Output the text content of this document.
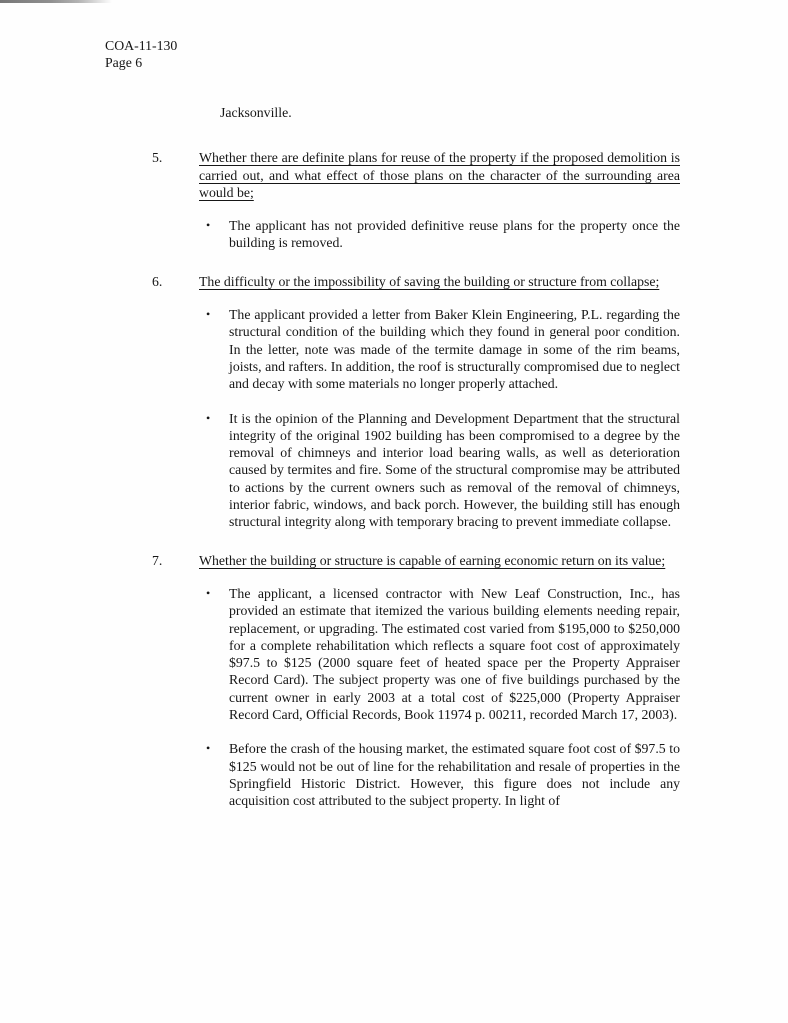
COA-11-130
Page 6

Jacksonville.

5.	Whether there are definite plans for reuse of the property if the proposed demolition is carried out, and what effect of those plans on the character of the surrounding area would be;

•	The applicant has not provided definitive reuse plans for the property once the building is removed.

6.	The difficulty or the impossibility of saving the building or structure from collapse;

•	The applicant provided a letter from Baker Klein Engineering, P.L. regarding the structural condition of the building which they found in general poor condition. In the letter, note was made of the termite damage in some of the rim beams, joists, and rafters. In addition, the roof is structurally compromised due to neglect and decay with some materials no longer properly attached.

•	It is the opinion of the Planning and Development Department that the structural integrity of the original 1902 building has been compromised to a degree by the removal of chimneys and interior load bearing walls, as well as deterioration caused by termites and fire. Some of the structural compromise may be attributed to actions by the current owners such as removal of the removal of chimneys, interior fabric, windows, and back porch. However, the building still has enough structural integrity along with temporary bracing to prevent immediate collapse.

7.	Whether the building or structure is capable of earning economic return on its value;

•	The applicant, a licensed contractor with New Leaf Construction, Inc., has provided an estimate that itemized the various building elements needing repair, replacement, or upgrading. The estimated cost varied from $195,000 to $250,000 for a complete rehabilitation which reflects a square foot cost of approximately $97.5 to $125 (2000 square feet of heated space per the Property Appraiser Record Card). The subject property was one of five buildings purchased by the current owner in early 2003 at a total cost of $225,000 (Property Appraiser Record Card, Official Records, Book 11974 p. 00211, recorded March 17, 2003).

•	Before the crash of the housing market, the estimated square foot cost of $97.5 to $125 would not be out of line for the rehabilitation and resale of properties in the Springfield Historic District. However, this figure does not include any acquisition cost attributed to the subject property. In light of
